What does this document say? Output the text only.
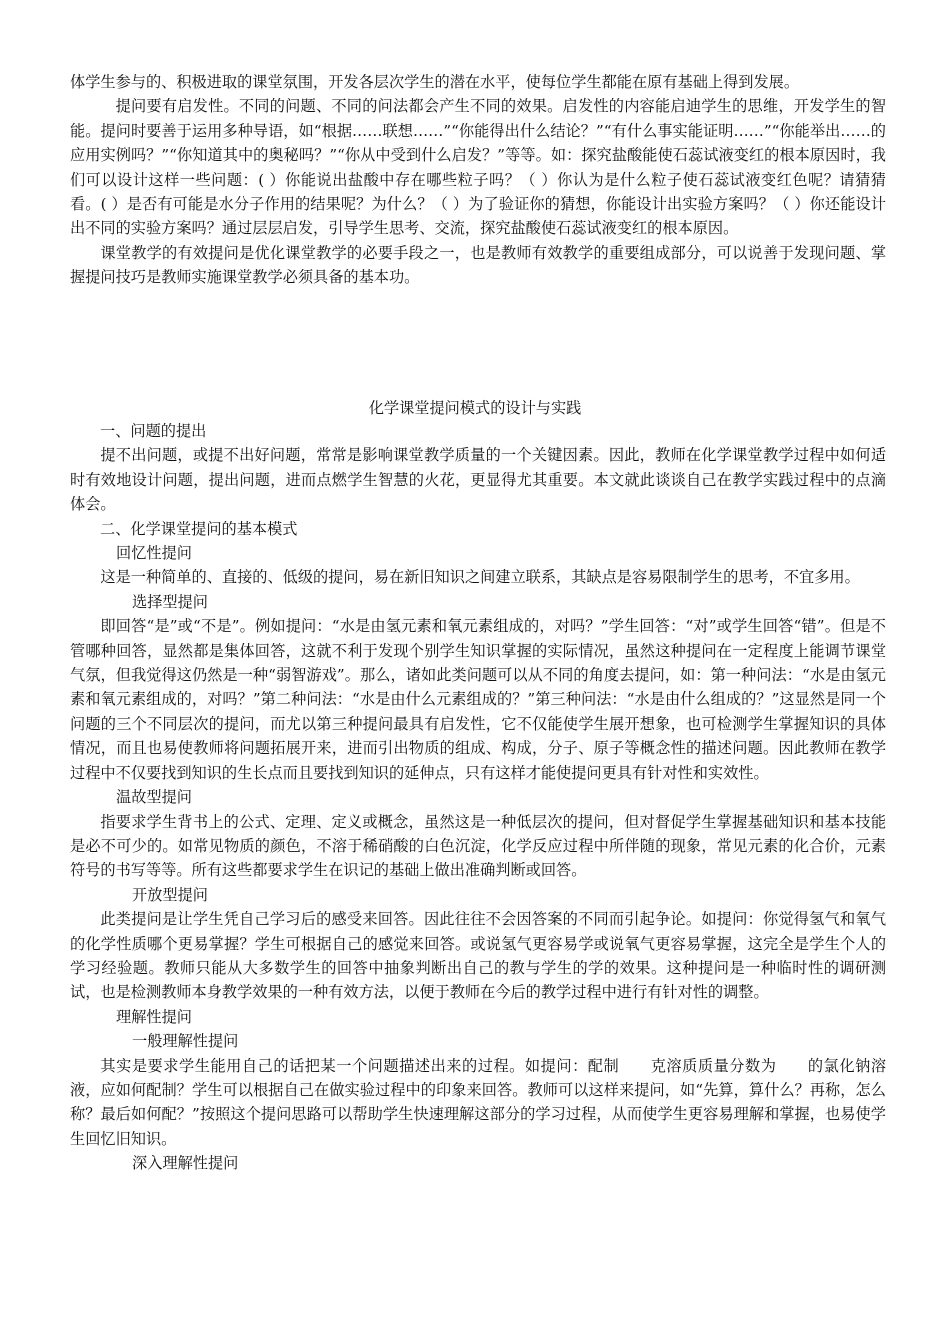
体学生参与的、积极进取的课堂氛围，开发各层次学生的潜在水平，使每位学生都能在原有基础上得到发展。

提问要有启发性。不同的问题、不同的问法都会产生不同的效果。启发性的内容能启迪学生的思维，开发学生的智能。提问时要善于运用多种导语，如“根据……联想……”“你能得出什么结论？”“有什么事实能证明……”“你能举出……的应用实例吗？”“你知道其中的奥秘吗？”“你从中受到什么启发？”等等。如：探究盐酸能使石蕊试液变红的根本原因时，我们可以设计这样一些问题：( ）你能说出盐酸中存在哪些粒子吗？（ ）你认为是什么粒子使石蕊试液变红色呢？请猜猜看。( ）是否有可能是水分子作用的结果呢？为什么？（ ）为了验证你的猜想，你能设计出实验方案吗？（ ）你还能设计出不同的实验方案吗？通过层层启发，引导学生思考、交流，探究盐酸使石蕊试液变红的根本原因。

课堂教学的有效提问是优化课堂教学的必要手段之一，也是教师有效教学的重要组成部分，可以说善于发现问题、掌握提问技巧是教师实施课堂教学必须具备的基本功。

化学课堂提问模式的设计与实践

一、问题的提出

提不出问题，或提不出好问题，常常是影响课堂教学质量的一个关键因素。因此，教师在化学课堂教学过程中如何适时有效地设计问题，提出问题，进而点燃学生智慧的火花，更显得尤其重要。本文就此谈谈自己在教学实践过程中的点滴体会。

二、化学课堂提问的基本模式

回忆性提问

这是一种简单的、直接的、低级的提问，易在新旧知识之间建立联系，其缺点是容易限制学生的思考，不宜多用。

选择型提问

即回答“是”或“不是”。例如提问：“水是由氢元素和氧元素组成的，对吗？”学生回答：“对”或学生回答“错”。但是不管哪种回答，显然都是集体回答，这就不利于发现个别学生知识掌握的实际情况，虽然这种提问在一定程度上能调节课堂气氛，但我觉得这仍然是一种“弱智游戏”。那么，诸如此类问题可以从不同的角度去提问，如：第一种问法：“水是由氢元素和氧元素组成的，对吗？”第二种问法：“水是由什么元素组成的？”第三种问法：“水是由什么组成的？”这显然是同一个问题的三个不同层次的提问，而尤以第三种提问最具有启发性，它不仅能使学生展开想象，也可检测学生掌握知识的具体情况，而且也易使教师将问题拓展开来，进而引出物质的组成、构成，分子、原子等概念性的描述问题。因此教师在教学过程中不仅要找到知识的生长点而且要找到知识的延伸点，只有这样才能使提问更具有针对性和实效性。

温故型提问

指要求学生背书上的公式、定理、定义或概念，虽然这是一种低层次的提问，但对督促学生掌握基础知识和基本技能是必不可少的。如常见物质的颜色，不溶于稀硝酸的白色沉淀，化学反应过程中所伴随的现象，常见元素的化合价，元素符号的书写等等。所有这些都要求学生在识记的基础上做出准确判断或回答。

开放型提问

此类提问是让学生凭自己学习后的感受来回答。因此往往不会因答案的不同而引起争论。如提问：你觉得氢气和氧气的化学性质哪个更易掌握？学生可根据自己的感觉来回答。或说氢气更容易学或说氧气更容易掌握，这完全是学生个人的学习经验题。教师只能从大多数学生的回答中抽象判断出自己的教与学生的学的效果。这种提问是一种临时性的调研测试，也是检测教师本身教学效果的一种有效方法，以便于教师在今后的教学过程中进行有针对性的调整。

理解性提问

一般理解性提问

其实是要求学生能用自己的话把某一个问题描述出来的过程。如提问：配制　　克溶质质量分数为　　的氯化钠溶液，应如何配制？学生可以根据自己在做实验过程中的印象来回答。教师可以这样来提问，如“先算，算什么？再称，怎么称？最后如何配？”按照这个提问思路可以帮助学生快速理解这部分的学习过程，从而使学生更容易理解和掌握，也易使学生回忆旧知识。

深入理解性提问
